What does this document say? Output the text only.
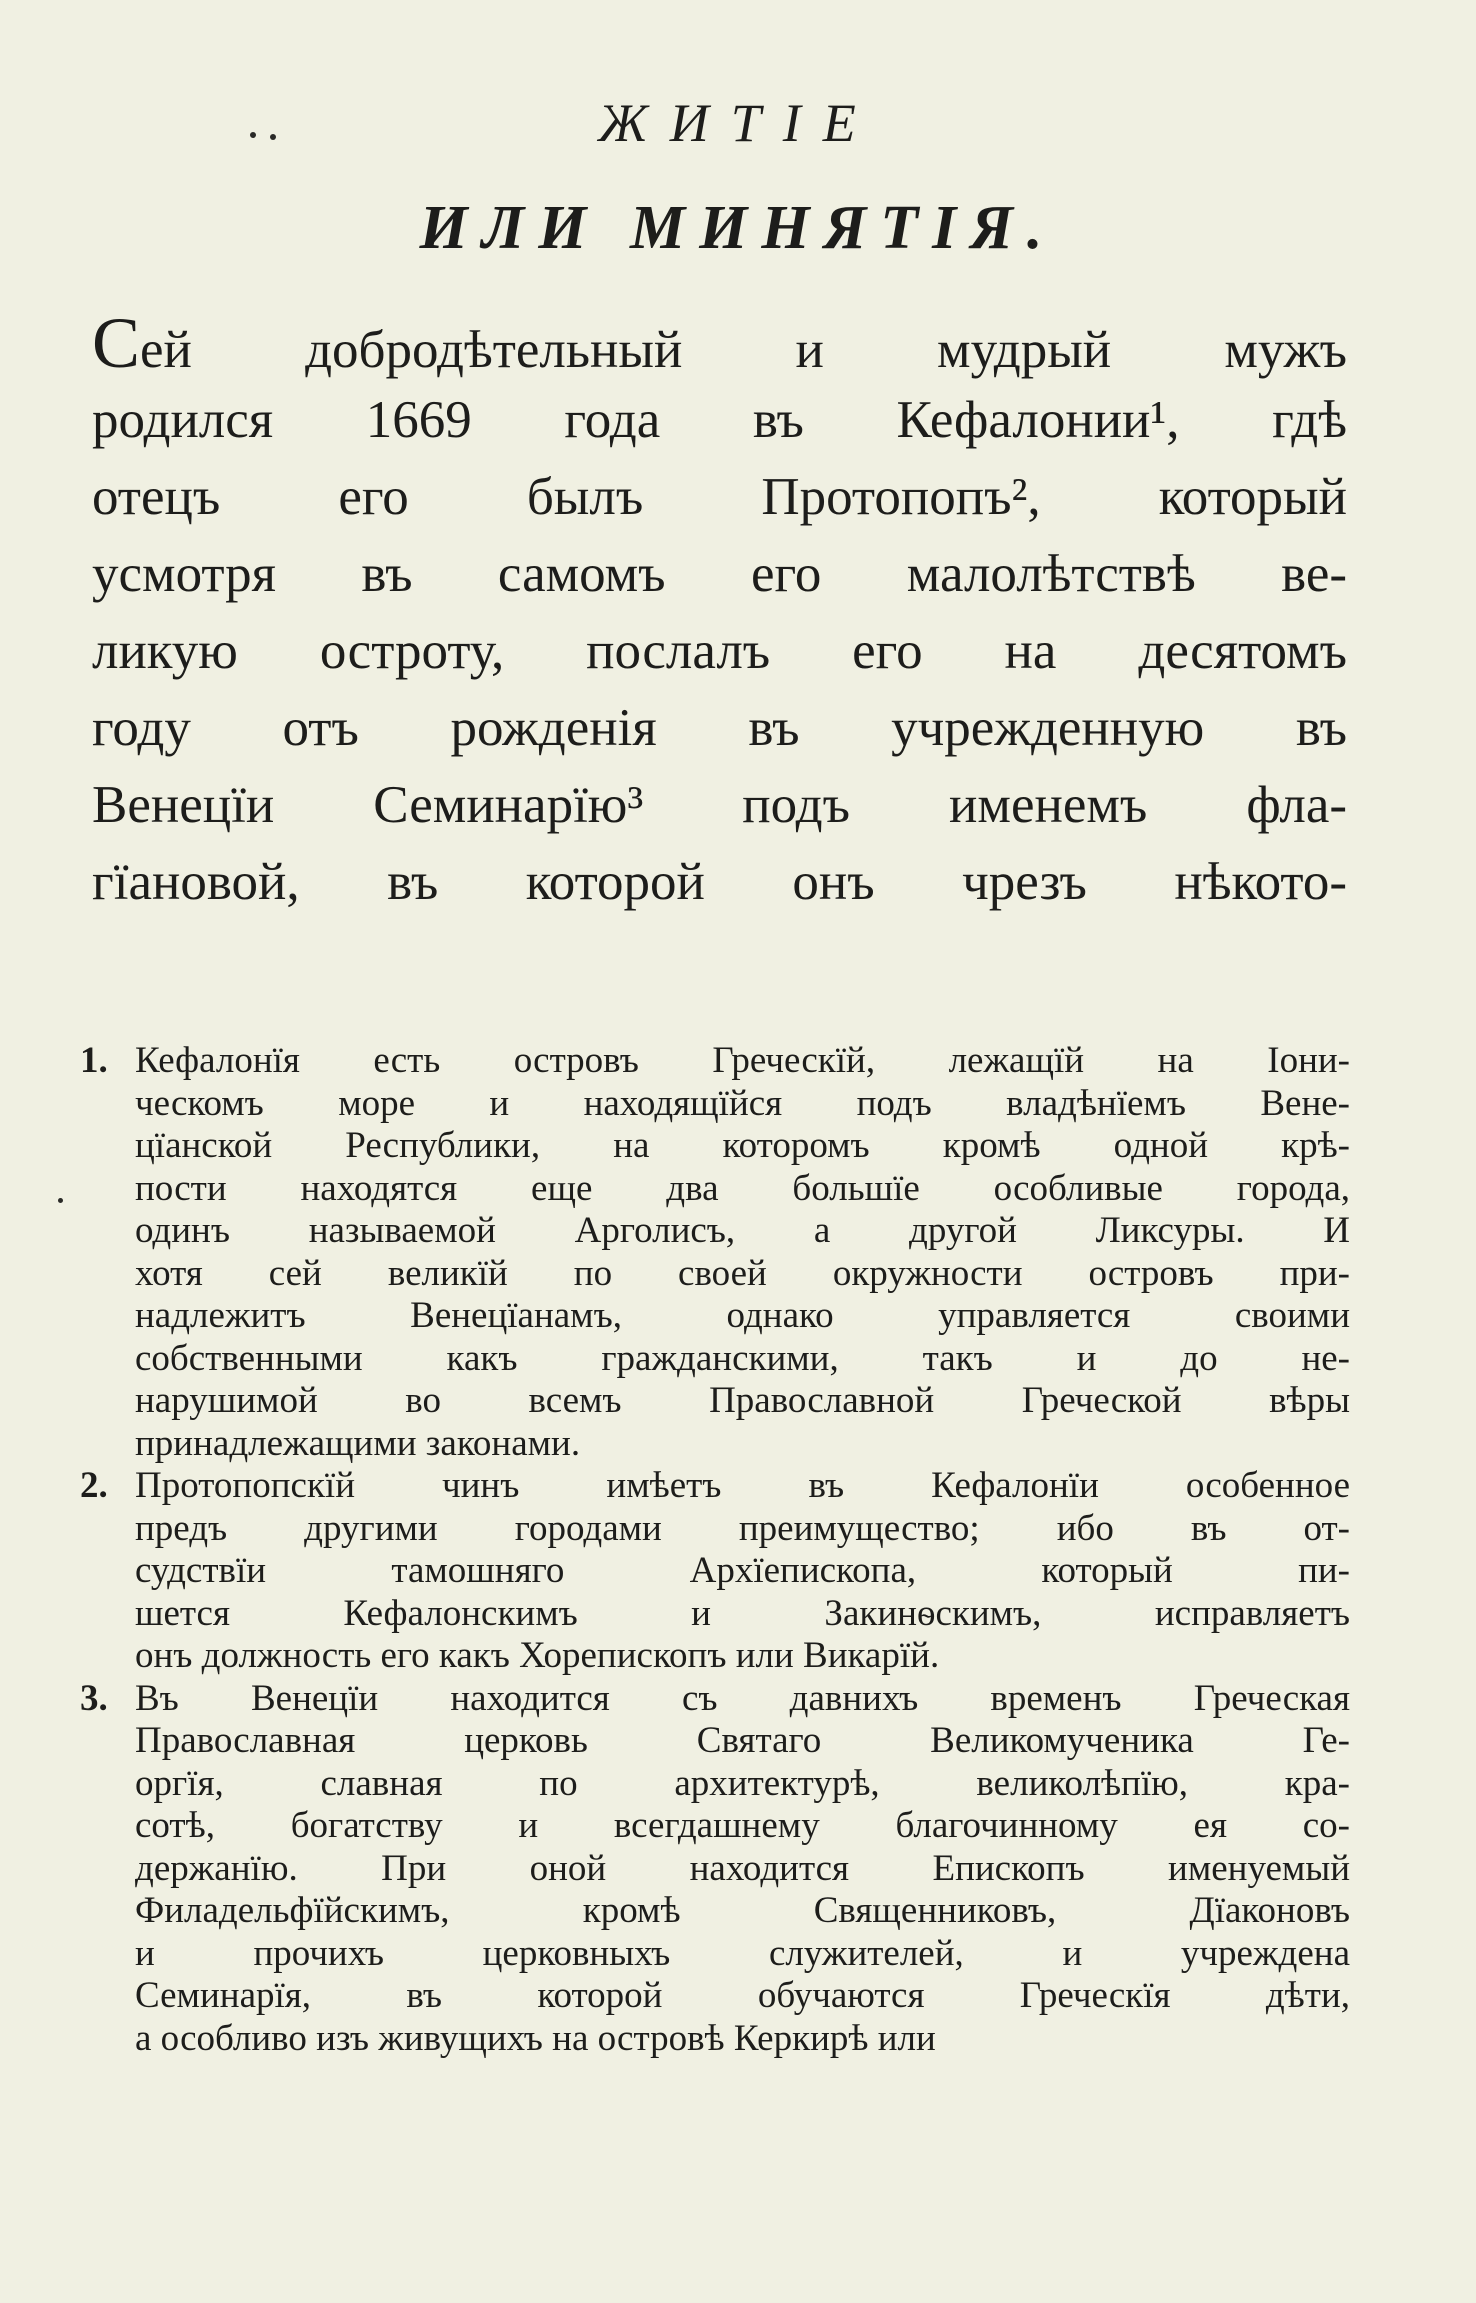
ЖИТІЕ
ИЛИ МИНЯТІЯ.
Сей добродѣтельный и мудрый мужъ
родился 1669 года въ Кефалонии¹, гдѣ
отецъ его былъ Протопопъ², который
усмотря въ самомъ его малолѣтствѣ ве-
ликую остроту, послалъ его на десятомъ
году отъ рожденія въ учрежденную въ
Венецїи Семинарїю³ подъ именемъ фла-
гїановой, въ которой онъ чрезъ нѣкото-
1. Кефалонїя есть островъ Греческїй, лежащїй на Іони-
ческомъ море и находящїйся подъ владѣнїемъ Вене-
цїанской Республики, на которомъ кромѣ одной крѣ-
пости находятся еще два большїе особливые города,
одинъ называемой Арголисъ, а другой Ликсуры. И
хотя сей великїй по своей окружности островъ при-
надлежитъ Венецїанамъ, однако управляется своими
собственными какъ гражданскими, такъ и до не-
нарушимой во всемъ Православной Греческой вѣры
принадлежащими законами.
2. Протопопскїй чинъ имѣетъ въ Кефалонїи особенное
предъ другими городами преимущество; ибо въ от-
судствїи тамошняго Архїепископа, который пи-
шется Кефалонскимъ и Закинѳскимъ, исправляетъ
онъ должность его какъ Хорепископъ или Викарїй.
3. Въ Венецїи находится съ давнихъ временъ Греческая
Православная церковь Святаго Великомученика Ге-
оргїя, славная по архитектурѣ, великолѣпїю, кра-
сотѣ, богатству и всегдашнему благочинному ея со-
держанїю. При оной находится Епископъ именуемый
Филадельфїйскимъ, кромѣ Священниковъ, Дїаконовъ
и прочихъ церковныхъ служителей, и учреждена
Семинарїя, въ которой обучаются Греческїя дѣти,
а особливо изъ живущихъ на островѣ Керкирѣ или
